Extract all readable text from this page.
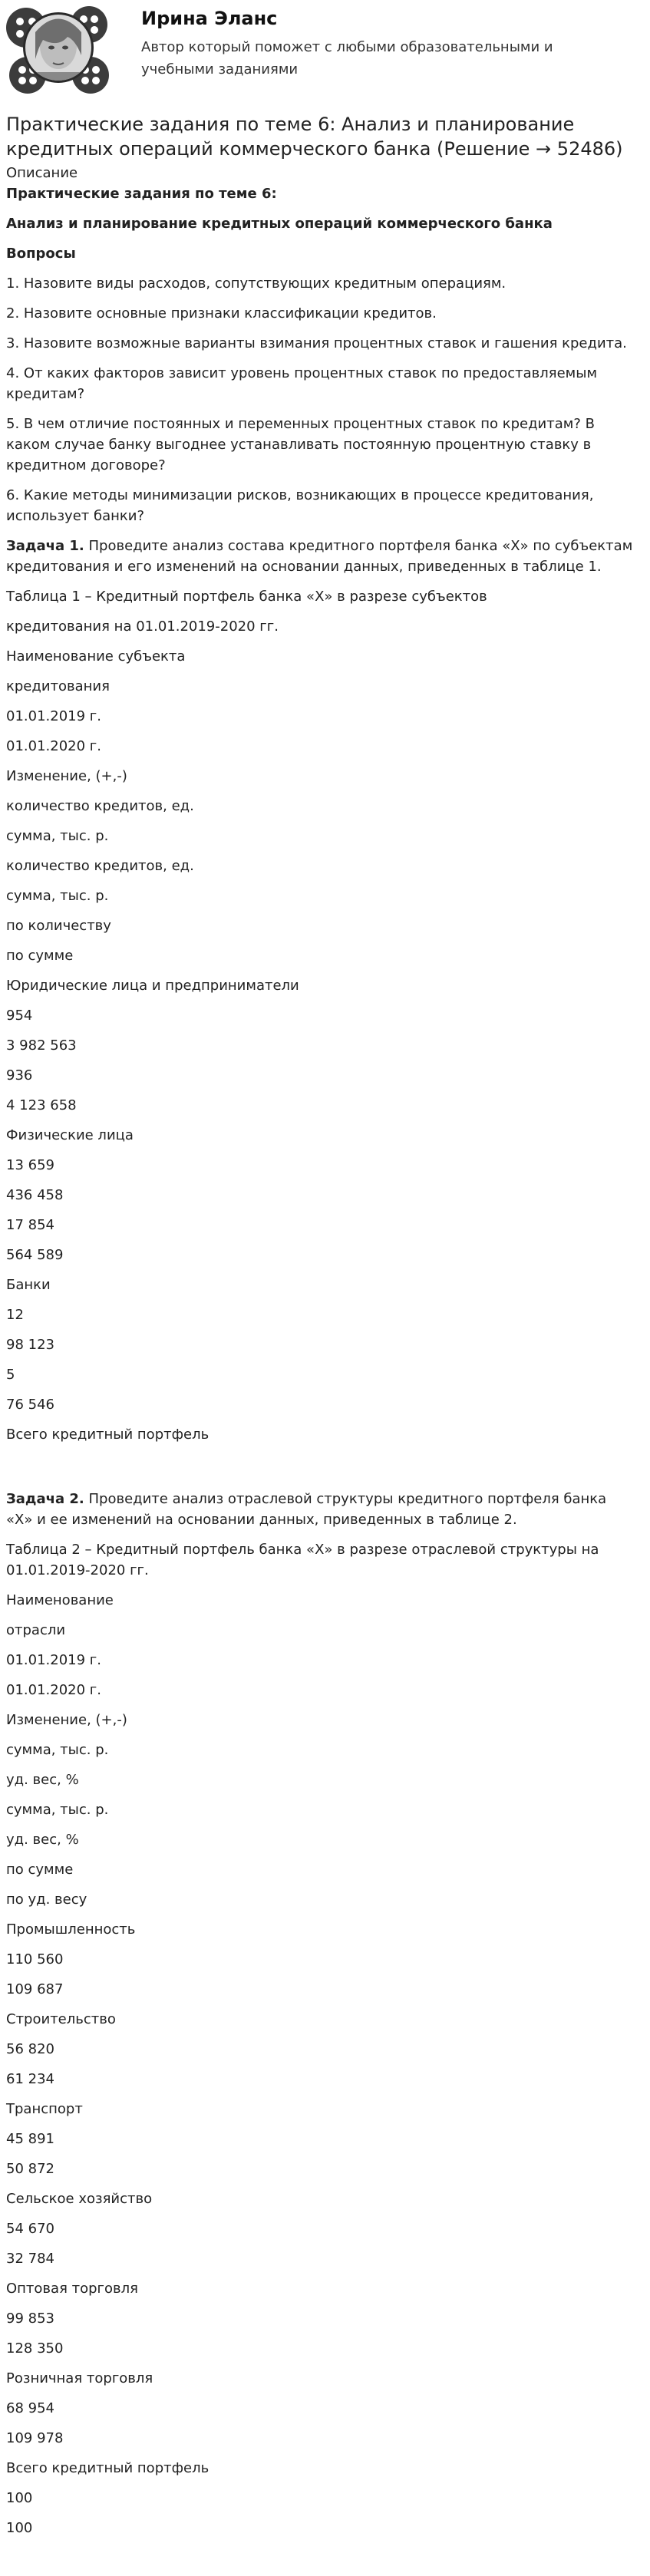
Ирина Эланс
Автор который поможет с любыми образовательными и учебными заданиями
Практические задания по теме 6: Анализ и планирование кредитных операций коммерческого банка (Решение → 52486)

Описание

Практические задания по теме 6:

Анализ и планирование кредитных операций коммерческого банка

Вопросы

1. Назовите виды расходов, сопутствующих кредитным операциям.

2. Назовите основные признаки классификации кредитов.

3. Назовите возможные варианты взимания процентных ставок и гашения кредита.

4. От каких факторов зависит уровень процентных ставок по предоставляемым кредитам?

5. В чем отличие постоянных и переменных процентных ставок по кредитам? В каком случае банку выгоднее устанавливать постоянную процентную ставку в кредитном договоре?

6. Какие методы минимизации рисков, возникающих в процессе кредитования, использует банки?

Задача 1. Проведите анализ состава кредитного портфеля банка «Х» по субъектам кредитования и его изменений на основании данных, приведенных в таблице 1.

Таблица 1 – Кредитный портфель банка «Х» в разрезе субъектов

кредитования на 01.01.2019-2020 гг.

Наименование субъекта

кредитования

01.01.2019 г.

01.01.2020 г.

Изменение, (+,-)

количество кредитов, ед.

сумма, тыс. р.

количество кредитов, ед.

сумма, тыс. р.

по количеству

по сумме

Юридические лица и предприниматели

954

3 982 563

936

4 123 658

Физические лица

13 659

436 458

17 854

564 589

Банки

12

98 123

5

76 546

Всего кредитный портфель

Задача 2. Проведите анализ отраслевой структуры кредитного портфеля банка «Х» и ее изменений на основании данных, приведенных в таблице 2.

Таблица 2 – Кредитный портфель банка «Х» в разрезе отраслевой структуры на 01.01.2019-2020 гг.

Наименование

отрасли

01.01.2019 г.

01.01.2020 г.

Изменение, (+,-)

сумма, тыс. р.

уд. вес, %

сумма, тыс. р.

уд. вес, %

по сумме

по уд. весу

Промышленность

110 560

109 687

Строительство

56 820

61 234

Транспорт

45 891

50 872

Сельское хозяйство

54 670

32 784

Оптовая торговля

99 853

128 350

Розничная торговля

68 954

109 978

Всего кредитный портфель

100

100
